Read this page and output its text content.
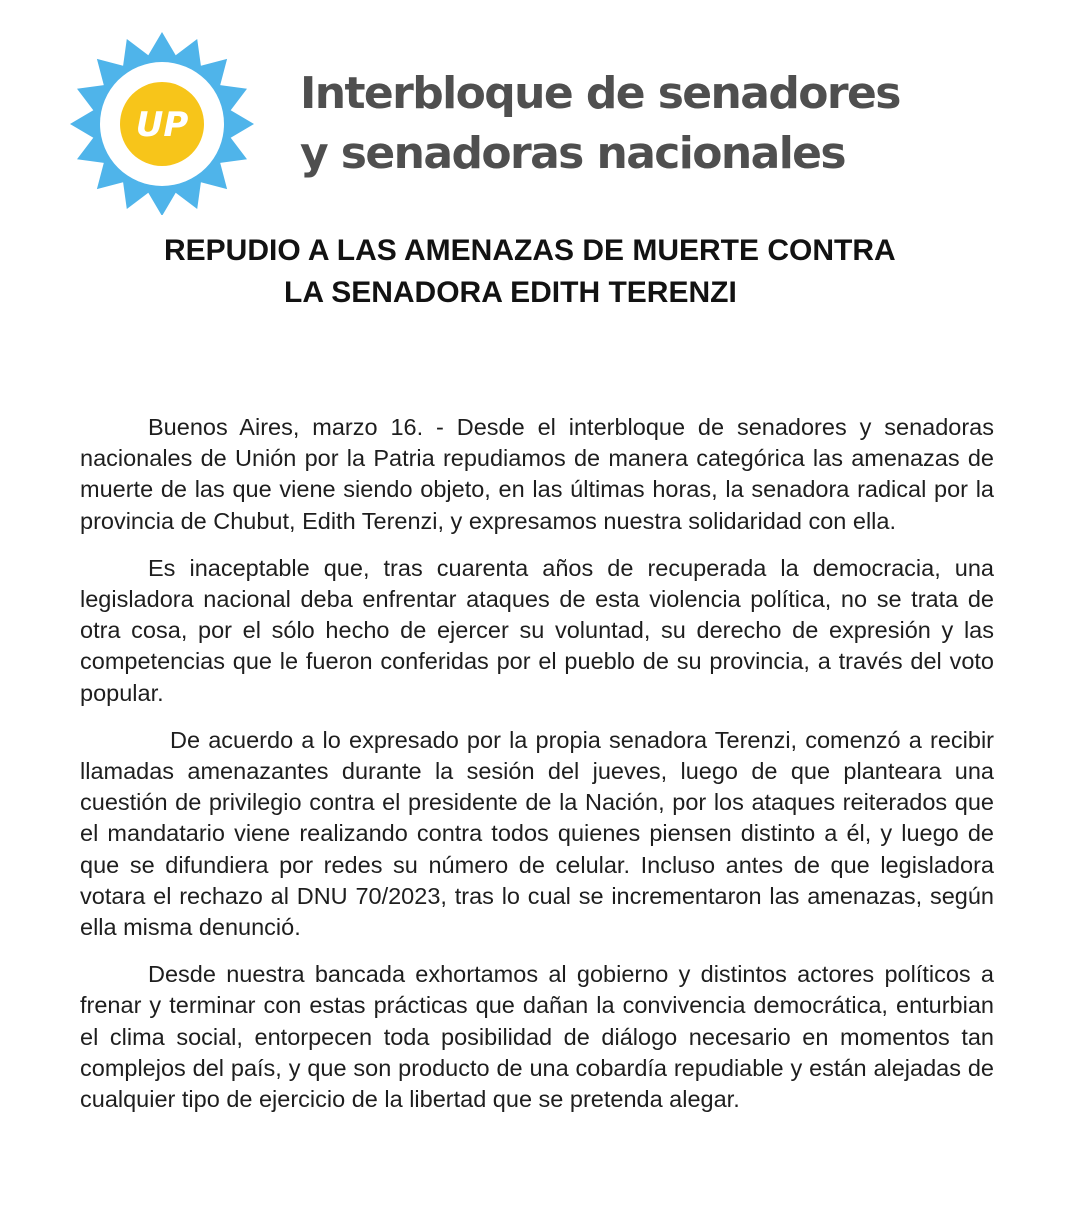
UP
Interbloque de senadores
y senadoras nacionales
REPUDIO A LAS AMENAZAS DE MUERTE CONTRA
LA SENADORA EDITH TERENZI

Buenos Aires, marzo 16. - Desde el interbloque de senadores y senadoras nacionales de Unión por la Patria repudiamos de manera categórica las amenazas de muerte de las que viene siendo objeto, en las últimas horas, la senadora radical por la provincia de Chubut, Edith Terenzi, y expresamos nuestra solidaridad con ella.

Es inaceptable que, tras cuarenta años de recuperada la democracia, una legisladora nacional deba enfrentar ataques de esta violencia política, no se trata de otra cosa, por el sólo hecho de ejercer su voluntad, su derecho de expresión y las competencias que le fueron conferidas por el pueblo de su provincia, a través del voto popular.

De acuerdo a lo expresado por la propia senadora Terenzi, comenzó a recibir llamadas amenazantes durante la sesión del jueves, luego de que planteara una cuestión de privilegio contra el presidente de la Nación, por los ataques reiterados que el mandatario viene realizando contra todos quienes piensen distinto a él, y luego de que se difundiera por redes su número de celular. Incluso antes de que legisladora votara el rechazo al DNU 70/2023, tras lo cual se incrementaron las amenazas, según ella misma denunció.

Desde nuestra bancada exhortamos al gobierno y distintos actores políticos a frenar y terminar con estas prácticas que dañan la convivencia democrática, enturbian el clima social, entorpecen toda posibilidad de diálogo necesario en momentos tan complejos del país, y que son producto de una cobardía repudiable y están alejadas de cualquier tipo de ejercicio de la libertad que se pretenda alegar.
